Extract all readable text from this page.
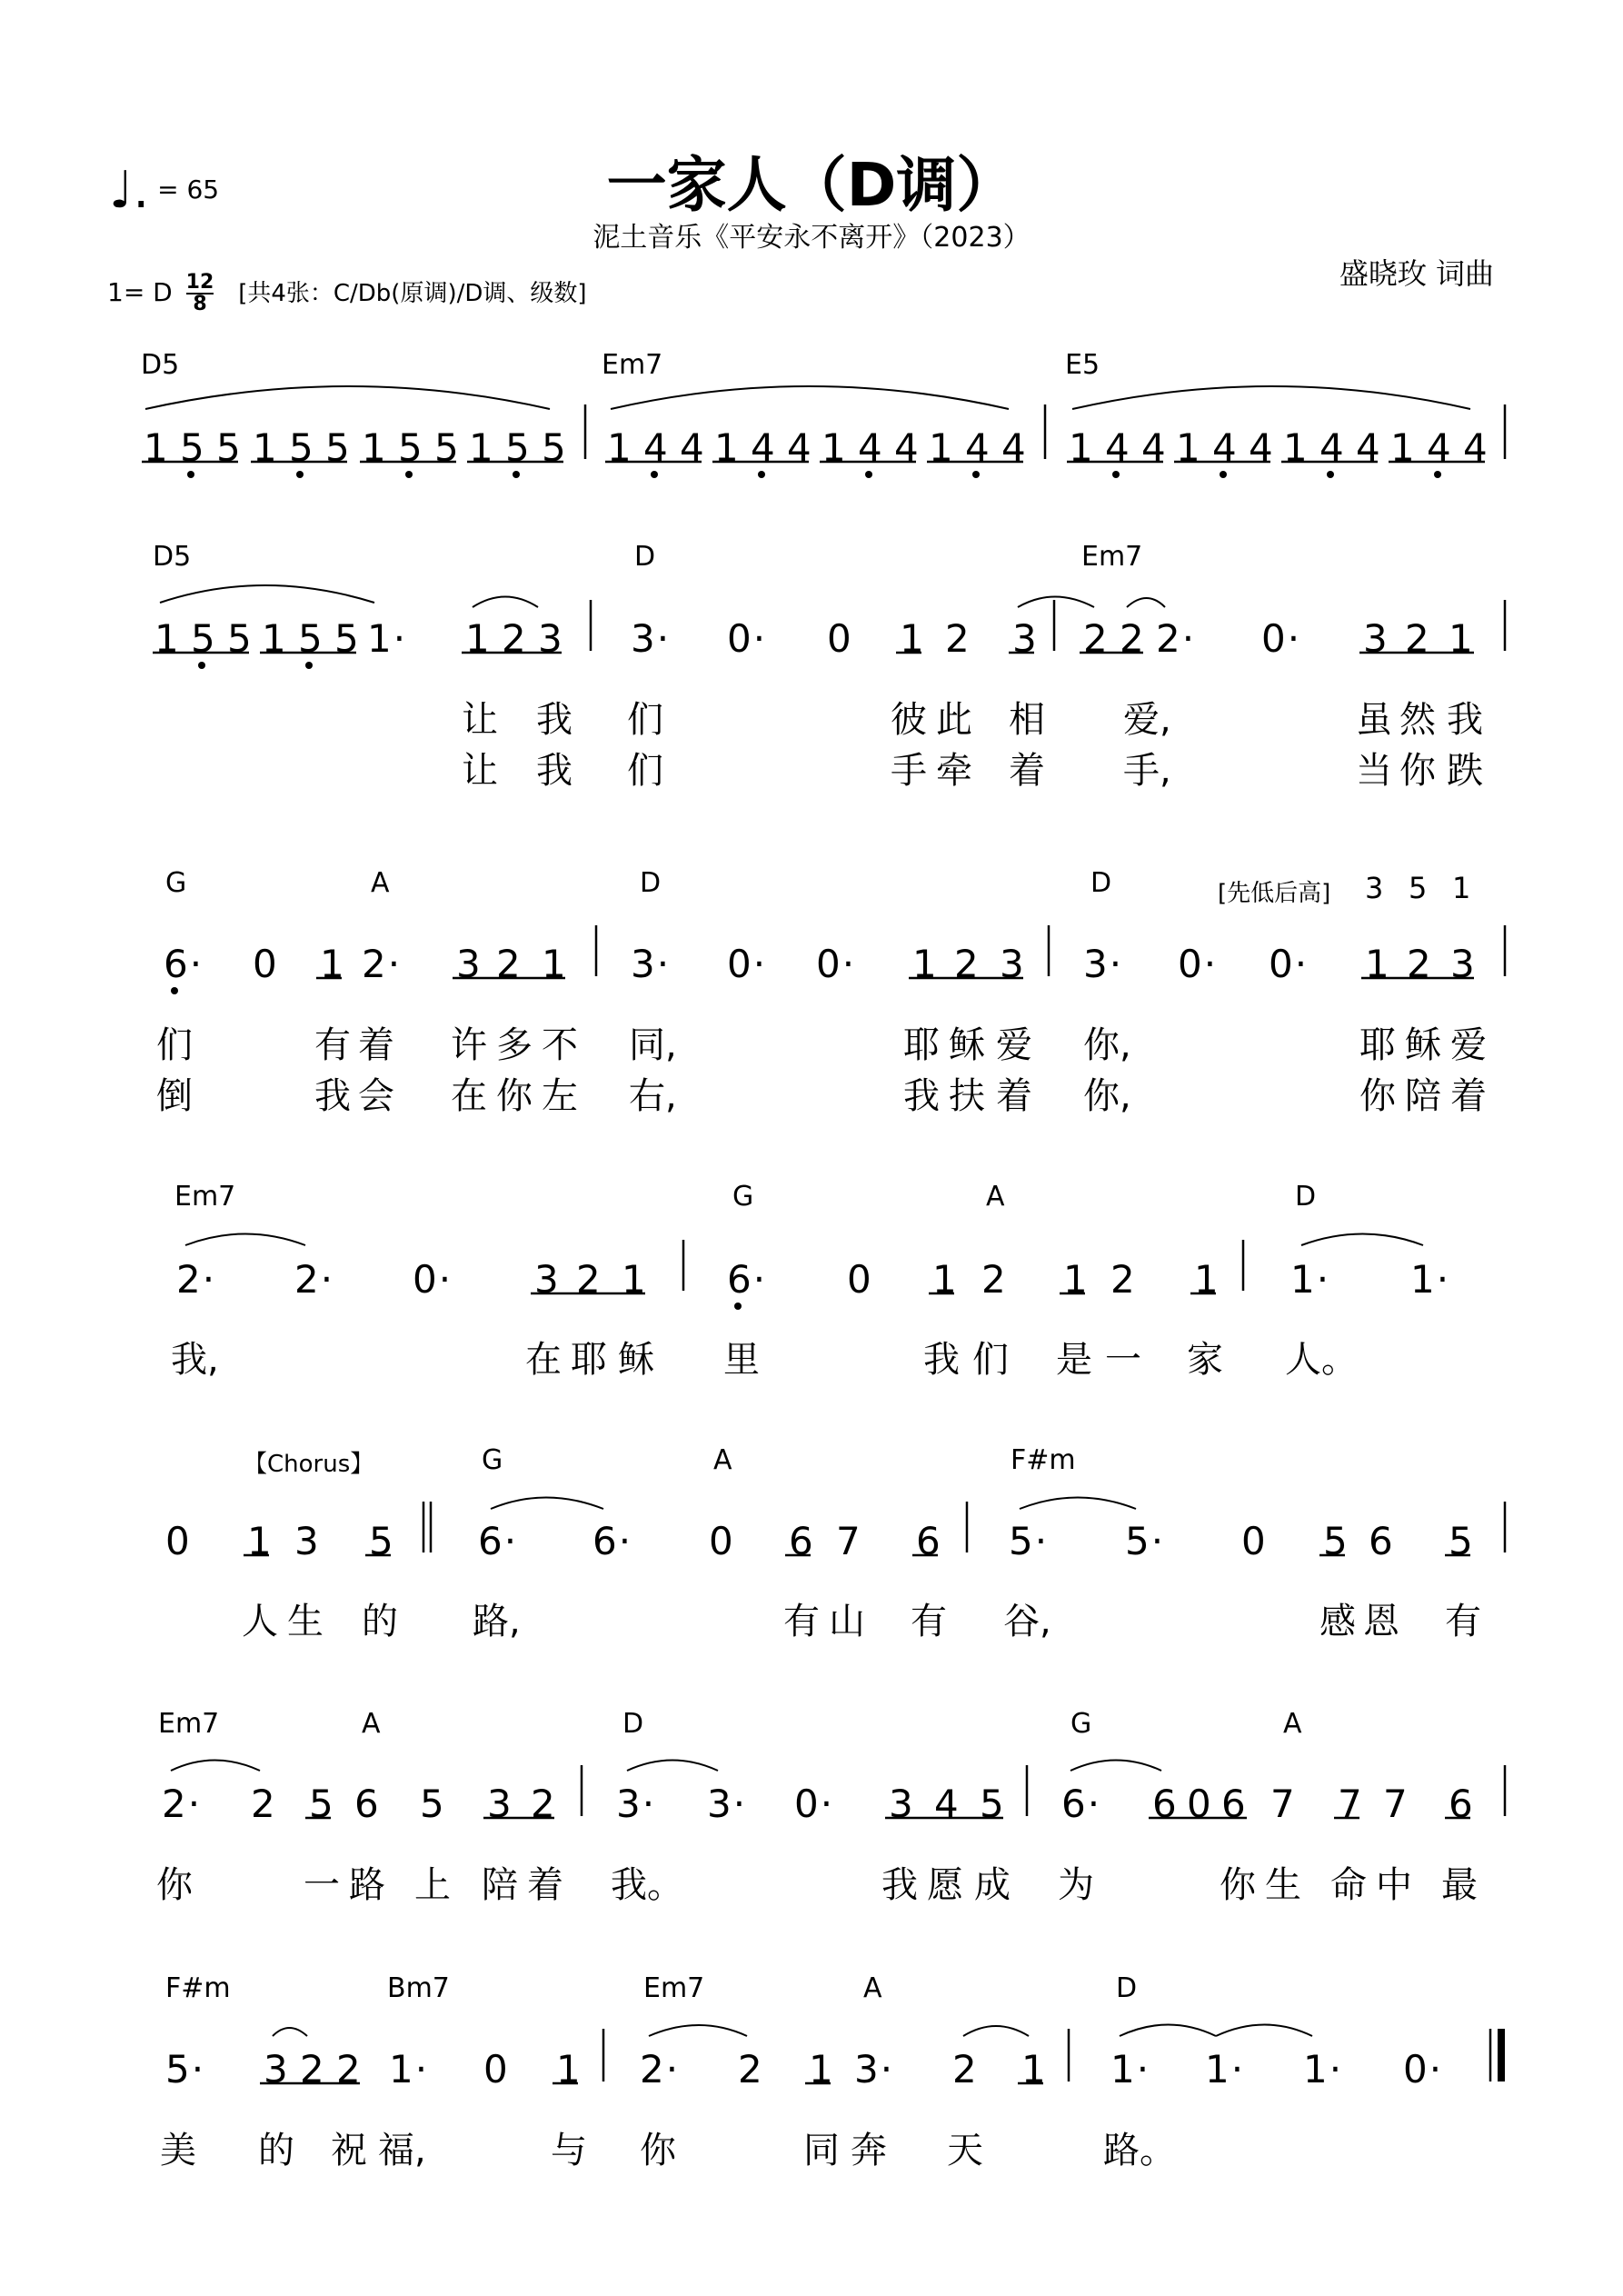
一家人（D调）
泥土音乐《平安永不离开》（2023）
盛晓玫 词曲
♩. = 65
1= D $\frac{12}{8}$ [共4张：C/Db(原调)/D调、级数]
【Chorus】
[先低后高]
D5	Em7	E5
D5	D	Em7
G	A	D	D
Em7	G	A	D
G	A	F#m
Em7	A	D	G	A
F#m	Bm7	Em7	A	D
1 5 5 1 5 5 1 5 5 1 5 5 1 4 4 1 4 4 1 4 4 1 4 4 1 4 4 1 4 4 1 4 4 1 4 4
1 5 5 1 5 5 1· 1 2 3 3· 0· 0 1 2 3 2 2 2· 0· 3 2 1
6· 0 1 2· 3 2 1 3· 0· 0· 1 2 3 3· 0· 0· 1 2 3
2· 2· 0· 3 2 1 6· 0 1 2 1 2 1 1· 1·
0 1 3 5 6· 6· 0 6 7 6 5· 5· 0 5 6 5
2· 2 5 6 5 3 2 3· 3· 0· 3 4 5 6· 6 0 6 7 7 7 6
5· 3 2 2 1· 0 1 2· 2 1 3· 2 1 1· 1· 1· 0·
让 我 们	彼 此 相 爱,	虽 然 我
让 我 们	手 牵 着 手,	当 你 跌
们	有 着 许 多 不 同,	耶 稣 爱 你,	耶 稣 爱
倒	我 会 在 你 左 右,	我 扶 着 你,	你 陪 着
我,	在 耶 稣 里	我 们 是 一 家 人。
人 生 的 路,	有 山 有 谷,	感 恩 有
你	一 路 上 陪 着 我。	我 愿 成 为	你 生 命 中 最
美 的 祝 福,	与 你	同 奔 天	路。
3 5 1
